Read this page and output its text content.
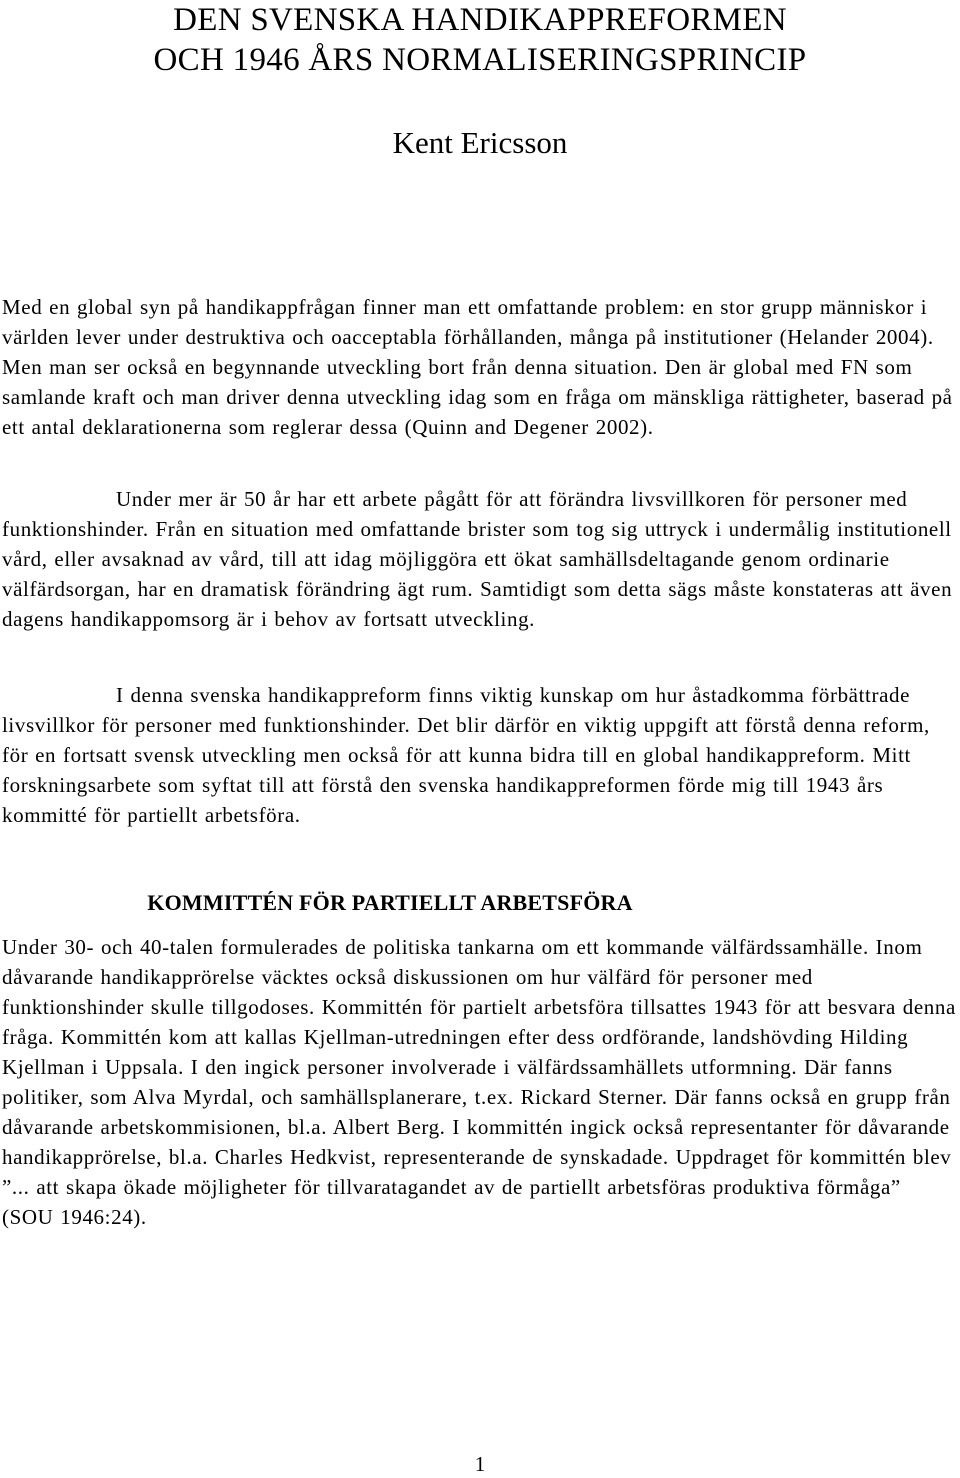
DEN SVENSKA HANDIKAPPREFORMEN
OCH 1946 ÅRS NORMALISERINGSPRINCIP
Kent Ericsson

Med en global syn på handikappfrågan finner man ett omfattande problem: en stor grupp människor i världen lever under destruktiva och oacceptabla förhållanden, många på institutioner (Helander 2004). Men man ser också en begynnande utveckling bort från denna situation. Den är global med FN som samlande kraft och man driver denna utveckling idag som en fråga om mänskliga rättigheter, baserad på ett antal deklarationerna som reglerar dessa (Quinn and Degener 2002).

Under mer är 50 år har ett arbete pågått för att förändra livsvillkoren för personer med funktionshinder. Från en situation med omfattande brister som tog sig uttryck i undermålig institutionell vård, eller avsaknad av vård, till att idag möjliggöra ett ökat samhällsdeltagande genom ordinarie välfärdsorgan, har en dramatisk förändring ägt rum. Samtidigt som detta sägs måste konstateras att även dagens handikappomsorg är i behov av fortsatt utveckling.

I denna svenska handikappreform finns viktig kunskap om hur åstadkomma förbättrade livsvillkor för personer med funktionshinder. Det blir därför en viktig uppgift att förstå denna reform, för en fortsatt svensk utveckling men också för att kunna bidra till en global handikappreform. Mitt forskningsarbete som syftat till att förstå den svenska handikappreformen förde mig till 1943 års kommitté för partiellt arbetsföra.

KOMMITTÉN FÖR PARTIELLT ARBETSFÖRA

Under 30- och 40-talen formulerades de politiska tankarna om ett kommande välfärdssamhälle. Inom dåvarande handikapprörelse väcktes också diskussionen om hur välfärd för personer med funktionshinder skulle tillgodoses. Kommittén för partielt arbetsföra tillsattes 1943 för att besvara denna fråga. Kommittén kom att kallas Kjellman-utredningen efter dess ordförande, landshövding Hilding Kjellman i Uppsala. I den ingick personer involverade i välfärdssamhällets utformning. Där fanns politiker, som Alva Myrdal, och samhällsplanerare, t.ex. Rickard Sterner. Där fanns också en grupp från dåvarande arbetskommisionen, bl.a. Albert Berg. I kommittén ingick också representanter för dåvarande handikapprörelse, bl.a. Charles Hedkvist, representerande de synskadade. Uppdraget för kommittén blev ”... att skapa ökade möjligheter för tillvaratagandet av de partiellt arbetsföras produktiva förmåga” (SOU 1946:24).

1
